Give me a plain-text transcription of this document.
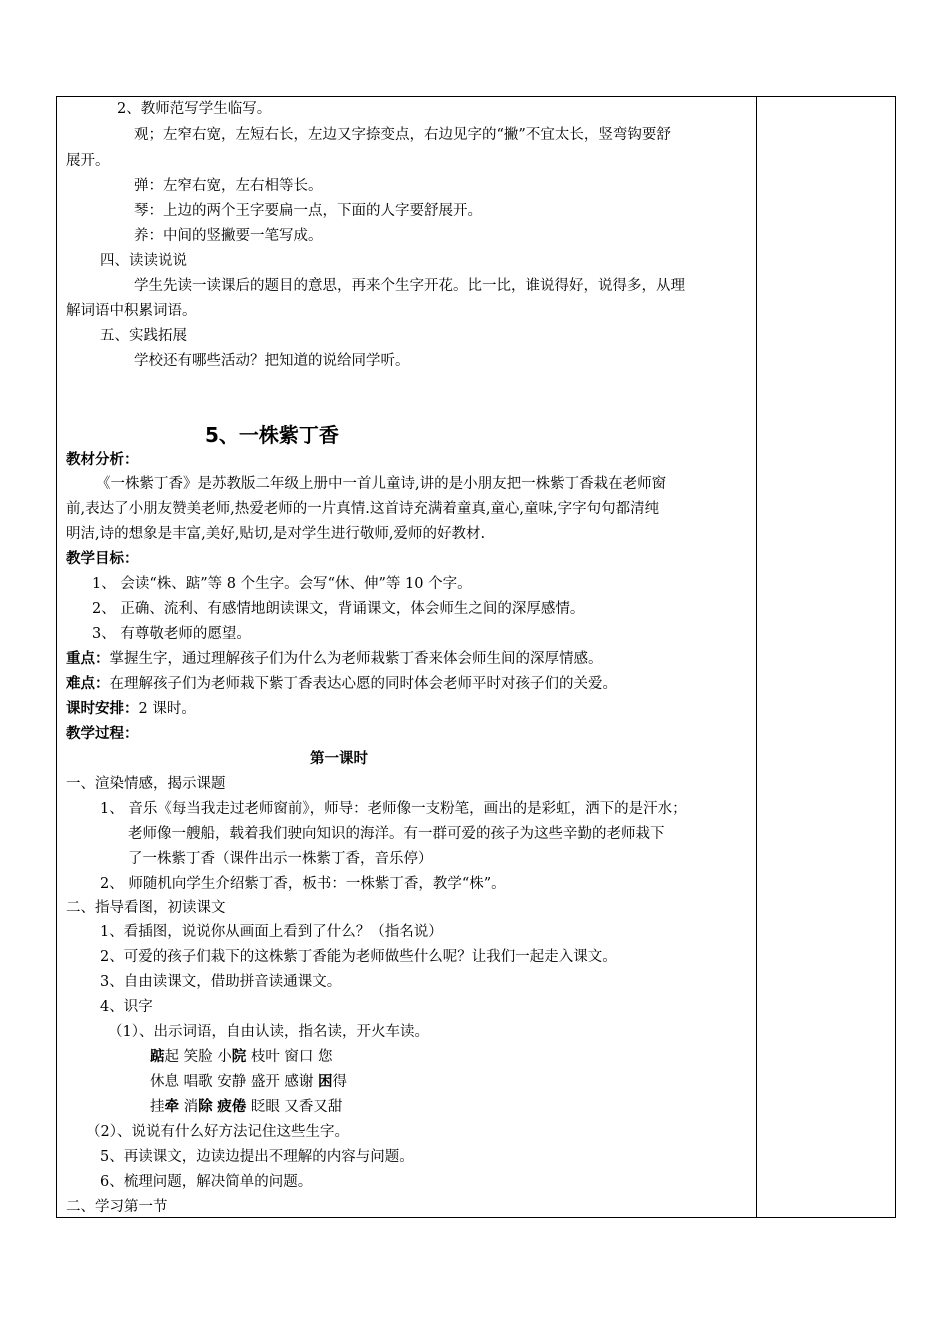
2、教师范写学生临写。
观；左窄右宽，左短右长，左边又字捺变点，右边见字的“撇”不宜太长，竖弯钩要舒
展开。
弹：左窄右宽，左右相等长。
琴：上边的两个王字要扁一点，下面的人字要舒展开。
养：中间的竖撇要一笔写成。
四、读读说说
学生先读一读课后的题目的意思，再来个生字开花。比一比，谁说得好，说得多，从理
解词语中积累词语。
五、实践拓展
学校还有哪些活动？把知道的说给同学听。
5、一株紫丁香
教材分析：
《一株紫丁香》是苏教版二年级上册中一首儿童诗,讲的是小朋友把一株紫丁香栽在老师窗
前,表达了小朋友赞美老师,热爱老师的一片真情.这首诗充满着童真,童心,童味,字字句句都清纯
明洁,诗的想象是丰富,美好,贴切,是对学生进行敬师,爱师的好教材.
教学目标：
1、 会读“株、踮”等 8 个生字。会写“休、伸”等 10 个字。
2、 正确、流利、有感情地朗读课文，背诵课文，体会师生之间的深厚感情。
3、 有尊敬老师的愿望。
重点：掌握生字，通过理解孩子们为什么为老师栽紫丁香来体会师生间的深厚情感。
难点：在理解孩子们为老师栽下紫丁香表达心愿的同时体会老师平时对孩子们的关爱。
课时安排：2 课时。
教学过程：
第一课时
一、渲染情感，揭示课题
1、 音乐《每当我走过老师窗前》，师导：老师像一支粉笔，画出的是彩虹，洒下的是汗水；
老师像一艘船，载着我们驶向知识的海洋。有一群可爱的孩子为这些辛勤的老师栽下
了一株紫丁香（课件出示一株紫丁香，音乐停）
2、 师随机向学生介绍紫丁香，板书：一株紫丁香，教学“株”。
二、指导看图，初读课文
1、看插图，说说你从画面上看到了什么？（指名说）
2、可爱的孩子们栽下的这株紫丁香能为老师做些什么呢？让我们一起走入课文。
3、自由读课文，借助拼音读通课文。
4、识字
（1）、出示词语，自由认读，指名读，开火车读。
踮起 笑脸 小院 枝叶 窗口 您
休息 唱歌 安静 盛开 感谢 困得
挂牵 消除 疲倦 眨眼 又香又甜
（2）、说说有什么好方法记住这些生字。
5、再读课文，边读边提出不理解的内容与问题。
6、梳理问题，解决简单的问题。
二、学习第一节
